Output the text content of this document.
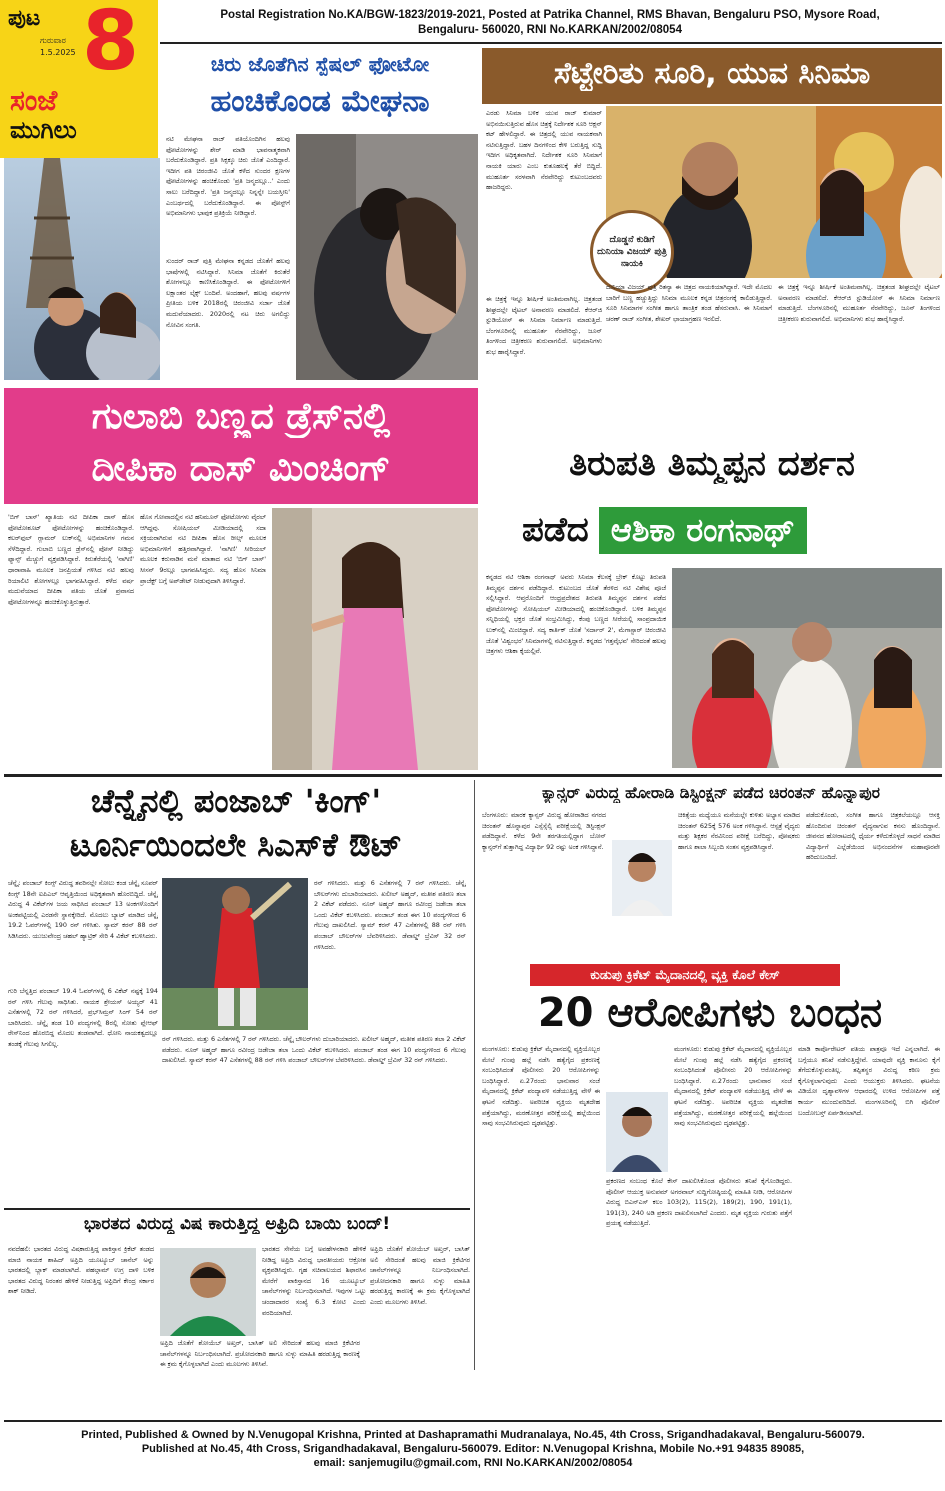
ಪುಟ 8
ಗುರುವಾರ
1.5.2025
ಸಂಜೆ
ಮುಗಿಲು
Postal Registration No.KA/BGW-1823/2019-2021, Posted at Patrika Channel, RMS Bhavan, Bengaluru PSO, Mysore Road,
Bengaluru- 560020, RNI No.KARKAN/2002/08054
ಚಿರು ಜೊತೆಗಿನ ಸ್ಪೆಷಲ್ ಫೋಟೋ
ಹಂಚಿಕೊಂಡ ಮೇಘನಾ
ನಟಿ ಮೇಘನಾ ರಾಜ್ ಪತಿಯೊಂದಿಗಿನ ಹಲವು ಫೋಟೋಗಳನ್ನು ಶೇರ್ ಮಾಡಿ ಭಾವನಾತ್ಮಕವಾಗಿ ಬರೆದುಕೊಂಡಿದ್ದಾರೆ. ಪ್ರತಿ ಸಿಕ್ಸಕ್ಕೂ ಚಿರು ಜೊತೆ ಎಂದಿದ್ದಾರೆ. ಇದೀಗ ಪತಿ ಚಿರಂಜೀವಿ ಜೊತೆ ಕಳೆದ ಸುಂದರ ಕ್ಷಣಗಳ ಫೋಟೋಗಳನ್ನು ಹಂಚಿಕೊಂಡು 'ಪ್ರತಿ ಜನ್ಮದಲ್ಲೂ..' ಎಂದು ಸಾಲು ಬರೆದಿದ್ದಾರೆ. 'ಪ್ರತಿ ಜನ್ಮದಲ್ಲೂ ನಿನ್ನನ್ನೇ ಬಯಸ್ತೀನಿ' ಎಂಬರ್ಥದಲ್ಲಿ ಬರೆದುಕೊಂಡಿದ್ದಾರೆ. ಈ ಪೋಸ್ಟ್‌ಗೆ ಅಭಿಮಾನಿಗಳು ಭಾವುಕ ಪ್ರತಿಕ್ರಿಯೆ ನೀಡಿದ್ದಾರೆ.
ಸುಂದರ್ ರಾಜ್ ಪುತ್ರಿ ಮೇಘನಾ ಕನ್ನಡದ ಜೊತೆಗೆ ಹಲವು ಭಾಷೆಗಳಲ್ಲಿ ನಟಿಸಿದ್ದಾರೆ. ಸಿನಿಮಾ ಜೊತೆಗೆ ಕಿರುತೆರೆ ಶೋಗಳಲ್ಲೂ ಕಾಣಿಸಿಕೊಂಡಿದ್ದಾರೆ. ಈ ಫೋಟೋಗಳಿಗೆ ಲಕ್ಷಾಂತರ ಲೈಕ್ಸ್ ಬಂದಿವೆ. ಅಂದಹಾಗೆ, ಹಲವು ವರ್ಷಗಳ ಪ್ರೀತಿಯ ಬಳಿಕ 2018ರಲ್ಲಿ ಚಿರಂಜೀವಿ ಸರ್ಜಾ ಜೊತೆ ಮದುವೆಯಾದರು. 2020ರಲ್ಲಿ ನಟ ಚಿರು ಅಗಲಿದ್ದು ನೋವಿನ ಸಂಗತಿ.
ಸೆಟ್ಟೇರಿತು ಸೂರಿ, ಯುವ ಸಿನಿಮಾ
ಎರಡು ಸಿನಿಮಾ ಬಳಿಕ ಯುವ ರಾಜ್ ಕುಮಾರ್ ಅಭಿನಯಿಸುತ್ತಿರುವ ಹೊಸ ಚಿತ್ರಕ್ಕೆ ನಿರ್ದೇಶಕ ಸೂರಿ ಆಕ್ಷನ್ ಕಟ್ ಹೇಳಲಿದ್ದಾರೆ. ಈ ಚಿತ್ರದಲ್ಲಿ ಯುವ ನಾಯಕನಾಗಿ ನಟಿಸುತ್ತಿದ್ದಾರೆ. ಬಹಳ ದಿನಗಳಿಂದ ಕೇಳಿ ಬರುತ್ತಿದ್ದ ಸುದ್ದಿ ಇದೀಗ ಅಧಿಕೃತವಾಗಿದೆ. ನಿರ್ದೇಶಕ ಸೂರಿ ಸಿನಿಮಾಗೆ ನಾಯಕಿ ಯಾರು ಎಂಬ ಕುತೂಹಲಕ್ಕೆ ತೆರೆ ಬಿದ್ದಿದೆ. ಮುಹೂರ್ತ ಸರಳವಾಗಿ ನೆರವೇರಿದ್ದು ಕುಟುಂಬದವರು ಹಾಜರಿದ್ದರು.
ದೊಡ್ಡನೆ ಕುಡಿಗೆ ದುನಿಯಾ ವಿಜಯ್ ಪುತ್ರಿ ನಾಯಕಿ
ದುನಿಯಾ ವಿಜಯ್ ಪುತ್ರಿ ರಿತನ್ಯಾ ಈ ಚಿತ್ರದ ನಾಯಕಿಯಾಗಿದ್ದಾರೆ. ಇದೇ ಮೊದಲ ಬಾರಿಗೆ ಬಣ್ಣ ಹಚ್ಚುತ್ತಿದ್ದು ಸಿನಿಮಾ ಮೂಲಕ ಕನ್ನಡ ಚಿತ್ರರಂಗಕ್ಕೆ ಕಾಲಿಡುತ್ತಿದ್ದಾರೆ. ಸೂರಿ ಸಿನಿಮಾಗಳ ಸಂಗೀತ ಹಾಗೂ ತಾಂತ್ರಿಕ ತಂಡ ಹೆಸರುವಾಸಿ. ಈ ಸಿನಿಮಾಗೆ ಚರಣ್ ರಾಜ್ ಸಂಗೀತ, ಶೇಖರ್ ಛಾಯಾಗ್ರಹಣ ಇರಲಿದೆ.
ಈ ಚಿತ್ರಕ್ಕೆ ಇನ್ನೂ ಶೀರ್ಷಿಕೆ ಅಂತಿಮವಾಗಿಲ್ಲ. ಚಿತ್ರತಂಡ ಶೀಘ್ರದಲ್ಲೇ ಟೈಟಲ್ ಅನಾವರಣ ಮಾಡಲಿದೆ. ಕೆಆರ್‌ಜಿ ಸ್ಟುಡಿಯೋಸ್ ಈ ಸಿನಿಮಾ ನಿರ್ಮಾಣ ಮಾಡುತ್ತಿದೆ. ಬೆಂಗಳೂರಿನಲ್ಲಿ ಮುಹೂರ್ತ ನೆರವೇರಿದ್ದು, ಜೂನ್ ತಿಂಗಳಿಂದ ಚಿತ್ರೀಕರಣ ಶುರುವಾಗಲಿದೆ. ಅಭಿಮಾನಿಗಳು ಶುಭ ಹಾರೈಸಿದ್ದಾರೆ.
ಈ ಚಿತ್ರಕ್ಕೆ ಇನ್ನೂ ಶೀರ್ಷಿಕೆ ಅಂತಿಮವಾಗಿಲ್ಲ. ಚಿತ್ರತಂಡ ಶೀಘ್ರದಲ್ಲೇ ಟೈಟಲ್ ಅನಾವರಣ ಮಾಡಲಿದೆ. ಕೆಆರ್‌ಜಿ ಸ್ಟುಡಿಯೋಸ್ ಈ ಸಿನಿಮಾ ನಿರ್ಮಾಣ ಮಾಡುತ್ತಿದೆ. ಬೆಂಗಳೂರಿನಲ್ಲಿ ಮುಹೂರ್ತ ನೆರವೇರಿದ್ದು, ಜೂನ್ ತಿಂಗಳಿಂದ ಚಿತ್ರೀಕರಣ ಶುರುವಾಗಲಿದೆ. ಅಭಿಮಾನಿಗಳು ಶುಭ ಹಾರೈಸಿದ್ದಾರೆ.
ಗುಲಾಬಿ ಬಣ್ಣದ ಡ್ರೆಸ್‌ನಲ್ಲಿ
ದೀಪಿಕಾ ದಾಸ್ ಮಿಂಚಿಂಗ್
'ಬಿಗ್ ಬಾಸ್' ಖ್ಯಾತಿಯ ನಟಿ ದೀಪಿಕಾ ದಾಸ್ ಹೊಸ ಫೋಟೋಶೂಟ್ ಫೋಟೋಗಳನ್ನು ಹಂಚಿಕೊಂಡಿದ್ದಾರೆ. ಕಲರ್‌ಫುಲ್ ಗ್ಲಾಮರ್ ಲುಕ್‌ನಲ್ಲಿ ಅಭಿಮಾನಿಗಳ ಗಮನ ಸೆಳೆದಿದ್ದಾರೆ. ಗುಲಾಬಿ ಬಣ್ಣದ ಡ್ರೆಸ್‌ನಲ್ಲಿ ಪೋಸ್ ನೀಡಿದ್ದು ಫ್ಯಾನ್ಸ್ ಮೆಚ್ಚುಗೆ ವ್ಯಕ್ತಪಡಿಸಿದ್ದಾರೆ. ಕಿರುತೆರೆಯಲ್ಲಿ 'ನಾಗಿಣಿ' ಧಾರಾವಾಹಿ ಮೂಲಕ ಜನಪ್ರಿಯತೆ ಗಳಿಸಿದ ನಟಿ ಹಲವು ರಿಯಾಲಿಟಿ ಶೋಗಳಲ್ಲೂ ಭಾಗವಹಿಸಿದ್ದಾರೆ. ಕಳೆದ ವರ್ಷ ಮದುವೆಯಾದ ದೀಪಿಕಾ ಪತಿಯ ಜೊತೆ ಪ್ರವಾಸದ ಫೋಟೋಗಳನ್ನೂ ಹಂಚಿಕೊಳ್ಳುತ್ತಿರುತ್ತಾರೆ.
ಹೊಸ ಗೋವಾದಲ್ಲಿನ ನಟಿ ಹನಿಮೂನ್ ಫೋಟೋಗಳು ವೈರಲ್ ಆಗಿದ್ದವು. ಸೋಷಿಯಲ್ ಮೀಡಿಯಾದಲ್ಲಿ ಸದಾ ಸಕ್ರಿಯರಾಗಿರುವ ನಟಿ ದೀಪಿಕಾ ಹೊಸ ರೀಲ್ಸ್ ಮೂಲಕ ಅಭಿಮಾನಿಗಳಿಗೆ ಹತ್ತಿರವಾಗಿದ್ದಾರೆ. 'ನಾಗಿಣಿ' ಸೀರಿಯಲ್ ಮೂಲಕ ಕರುನಾಡಿನ ಮನೆ ಮಾತಾದ ನಟಿ 'ಬಿಗ್ ಬಾಸ್' ಸೀಸನ್ 9ರಲ್ಲೂ ಭಾಗವಹಿಸಿದ್ದರು. ಸದ್ಯ ಹೊಸ ಸಿನಿಮಾ ಪ್ರಾಜೆಕ್ಟ್ ಬಗ್ಗೆ ಅಪ್‌ಡೇಟ್ ನೀಡುವುದಾಗಿ ತಿಳಿಸಿದ್ದಾರೆ.
ತಿರುಪತಿ ತಿಮ್ಮಪ್ಪನ ದರ್ಶನ
ಪಡೆದ ಆಶಿಕಾ ರಂಗನಾಥ್
ಕನ್ನಡದ ನಟಿ ಆಶಿಕಾ ರಂಗನಾಥ್ ಅವರು ಸಿನಿಮಾ ಕೆಲಸಕ್ಕೆ ಬ್ರೇಕ್ ಕೊಟ್ಟು ತಿರುಪತಿ ತಿಮ್ಮಪ್ಪನ ದರ್ಶನ ಪಡೆದಿದ್ದಾರೆ. ಕುಟುಂಬದ ಜೊತೆ ತೆರಳಿದ ನಟಿ ವಿಶೇಷ ಪೂಜೆ ಸಲ್ಲಿಸಿದ್ದಾರೆ. ಆಪ್ತರೊಂದಿಗೆ ಆಂಧ್ರಪ್ರದೇಶದ ತಿರುಪತಿ ತಿಮ್ಮಪ್ಪನ ದರ್ಶನ ಪಡೆದ ಫೋಟೋಗಳನ್ನು ಸೋಷಿಯಲ್ ಮೀಡಿಯಾದಲ್ಲಿ ಹಂಚಿಕೊಂಡಿದ್ದಾರೆ. ಬಳಿಕ ತಿಮ್ಮಪ್ಪನ ಸನ್ನಿಧಿಯಲ್ಲಿ ಭಕ್ತರ ಜೊತೆ ಸಂಭ್ರಮಿಸಿದ್ದು, ಕೆಂಪು ಬಣ್ಣದ ಸೀರೆಯಲ್ಲಿ ಸಾಂಪ್ರದಾಯಿಕ ಲುಕ್‌ನಲ್ಲಿ ಮಿಂಚಿದ್ದಾರೆ. ಸದ್ಯ ಕಾರ್ತಿಕ್ ಜೊತೆ 'ಸರ್ದಾರ್ 2', ಮೆಗಾಸ್ಟಾರ್ ಚಿರಂಜೀವಿ ಜೊತೆ 'ವಿಶ್ವಂಭರ' ಸಿನಿಮಾಗಳಲ್ಲಿ ನಟಿಸುತ್ತಿದ್ದಾರೆ. ಕನ್ನಡದ 'ಗತ್ತವೈಭವ' ಸೇರಿದಂತೆ ಹಲವು ಚಿತ್ರಗಳು ಆಶಿಕಾ ಕೈಯಲ್ಲಿವೆ.
ಚೆನ್ನೈನಲ್ಲಿ ಪಂಜಾಬ್ 'ಕಿಂಗ್'
ಟೂರ್ನಿಯಿಂದಲೇ ಸಿಎಸ್‌ಕೆ ಔಟ್
ಚೆನ್ನೈ: ಪಂಜಾಬ್ ಕಿಂಗ್ಸ್ ವಿರುದ್ಧ ತವರಿನಲ್ಲೇ ಸೋಲು ಕಂಡ ಚೆನ್ನೈ ಸೂಪರ್ ಕಿಂಗ್ಸ್ 18ನೇ ಐಪಿಎಲ್ ಆವೃತ್ತಿಯಿಂದ ಅಧಿಕೃತವಾಗಿ ಹೊರಬಿದ್ದಿದೆ. ಚೆನ್ನೈ ವಿರುದ್ಧ 4 ವಿಕೆಟ್‌ಗಳ ಜಯ ಸಾಧಿಸಿದ ಪಂಜಾಬ್ 13 ಅಂಕಗಳೊಂದಿಗೆ ಅಂಕಪಟ್ಟಿಯಲ್ಲಿ ಎರಡನೇ ಸ್ಥಾನಕ್ಕೇರಿದೆ. ಮೊದಲು ಬ್ಯಾಟ್ ಮಾಡಿದ ಚೆನ್ನೈ 19.2 ಓವರ್‌ಗಳಲ್ಲಿ 190 ರನ್ ಗಳಿಸಿತು. ಸ್ಯಾಮ್ ಕರನ್ 88 ರನ್ ಸಿಡಿಸಿದರು. ಯುಜುವೇಂದ್ರ ಚಹಲ್ ಹ್ಯಾಟ್ರಿಕ್ ಸೇರಿ 4 ವಿಕೆಟ್ ಕಬಳಿಸಿದರು.
ರನ್ ಗಳಿಸಿದರು. ಮತ್ತು 6 ಎಸೆತಗಳಲ್ಲಿ 7 ರನ್ ಗಳಿಸಿದರು. ಚೆನ್ನೈ ಬೌಲರ್‌ಗಳು ದುಬಾರಿಯಾದರು. ಖಲೀಲ್ ಅಹ್ಮದ್, ಮತೀಶ ಪತಿರಣ ತಲಾ 2 ವಿಕೆಟ್ ಪಡೆದರು. ನೂರ್ ಅಹ್ಮದ್ ಹಾಗೂ ರವೀಂದ್ರ ಜಡೇಜಾ ತಲಾ ಒಂದು ವಿಕೆಟ್ ಕಬಳಿಸಿದರು. ಪಂಜಾಬ್ ತಂಡ ಈಗ 10 ಪಂದ್ಯಗಳಿಂದ 6 ಗೆಲುವು ದಾಖಲಿಸಿದೆ. ಸ್ಯಾಮ್ ಕರನ್ 47 ಎಸೆತಗಳಲ್ಲಿ 88 ರನ್ ಗಳಿಸಿ ಪಂಜಾಬ್ ಬೌಲರ್‌ಗಳ ಬೆವರಿಳಿಸಿದರು. ಡೆವಾಲ್ಡ್ ಬ್ರೆವಿಸ್ 32 ರನ್ ಗಳಿಸಿದರು.
ಗುರಿ ಬೆನ್ನತ್ತಿದ ಪಂಜಾಬ್ 19.4 ಓವರ್‌ಗಳಲ್ಲಿ 6 ವಿಕೆಟ್ ನಷ್ಟಕ್ಕೆ 194 ರನ್ ಗಳಿಸಿ ಗೆಲುವು ಸಾಧಿಸಿತು. ನಾಯಕ ಶ್ರೇಯಸ್ ಅಯ್ಯರ್ 41 ಎಸೆತಗಳಲ್ಲಿ 72 ರನ್ ಗಳಿಸಿದರೆ, ಪ್ರಭ್‌ಸಿಮ್ರನ್ ಸಿಂಗ್ 54 ರನ್ ಬಾರಿಸಿದರು. ಚೆನ್ನೈ ತಂಡ 10 ಪಂದ್ಯಗಳಲ್ಲಿ 8ರಲ್ಲಿ ಸೋತು ಪ್ಲೇಆಫ್ ರೇಸ್‌ನಿಂದ ಹೊರಬಿದ್ದ ಮೊದಲ ತಂಡವಾಗಿದೆ. ಧೋನಿ ನಾಯಕತ್ವದಲ್ಲೂ ತಂಡಕ್ಕೆ ಗೆಲುವು ಸಿಗಲಿಲ್ಲ.
ರನ್ ಗಳಿಸಿದರು. ಮತ್ತು 6 ಎಸೆತಗಳಲ್ಲಿ 7 ರನ್ ಗಳಿಸಿದರು. ಚೆನ್ನೈ ಬೌಲರ್‌ಗಳು ದುಬಾರಿಯಾದರು. ಖಲೀಲ್ ಅಹ್ಮದ್, ಮತೀಶ ಪತಿರಣ ತಲಾ 2 ವಿಕೆಟ್ ಪಡೆದರು. ನೂರ್ ಅಹ್ಮದ್ ಹಾಗೂ ರವೀಂದ್ರ ಜಡೇಜಾ ತಲಾ ಒಂದು ವಿಕೆಟ್ ಕಬಳಿಸಿದರು. ಪಂಜಾಬ್ ತಂಡ ಈಗ 10 ಪಂದ್ಯಗಳಿಂದ 6 ಗೆಲುವು ದಾಖಲಿಸಿದೆ. ಸ್ಯಾಮ್ ಕರನ್ 47 ಎಸೆತಗಳಲ್ಲಿ 88 ರನ್ ಗಳಿಸಿ ಪಂಜಾಬ್ ಬೌಲರ್‌ಗಳ ಬೆವರಿಳಿಸಿದರು. ಡೆವಾಲ್ಡ್ ಬ್ರೆವಿಸ್ 32 ರನ್ ಗಳಿಸಿದರು.
ಕ್ಯಾನ್ಸರ್ ವಿರುದ್ಧ ಹೋರಾಡಿ ಡಿಸ್ಟಿಂಕ್ಷನ್ ಪಡೆದ ಚಿರಂತನ್ ಹೊನ್ನಾಪುರ
ಬೆಂಗಳೂರು: ಮಾರಕ ಕ್ಯಾನ್ಸರ್ ವಿರುದ್ಧ ಹೋರಾಡಿದ ನಗರದ ಚಿರಂತನ್ ಹೊನ್ನಾಪುರ ಎಸ್ಸೆಸ್ಸೆಲ್ಸಿ ಪರೀಕ್ಷೆಯಲ್ಲಿ ಡಿಸ್ಟಿಂಕ್ಷನ್ ಪಡೆದಿದ್ದಾನೆ. ಕಳೆದ 9ನೇ ತರಗತಿಯಲ್ಲಿದ್ದಾಗ ಬೋನ್ ಕ್ಯಾನ್ಸರ್‌ಗೆ ತುತ್ತಾಗಿದ್ದ ವಿದ್ಯಾರ್ಥಿ 92 ರಷ್ಟು ಅಂಕ ಗಳಿಸಿದ್ದಾನೆ.
ಚಿಕಿತ್ಸೆಯ ಮಧ್ಯೆಯೂ ಮನೆಯಲ್ಲೇ ಕುಳಿತು ಅಭ್ಯಾಸ ಮಾಡಿದ ಚಿರಂತನ್ 625ಕ್ಕೆ 576 ಅಂಕ ಗಳಿಸಿದ್ದಾನೆ. ಆಸ್ಪತ್ರೆ ವೈದ್ಯರು ಮತ್ತು ಶಿಕ್ಷಕರ ನೆರವಿನಿಂದ ಪರೀಕ್ಷೆ ಬರೆದಿದ್ದು, ಪೋಷಕರು ಹಾಗೂ ಶಾಲಾ ಸಿಬ್ಬಂದಿ ಸಂತಸ ವ್ಯಕ್ತಪಡಿಸಿದ್ದಾರೆ.
ಪಡೆದುಕೊಂಡು, ಸಂಗೀತ ಹಾಗೂ ಚಿತ್ರಕಲೆಯಲ್ಲೂ ಆಸಕ್ತಿ ಹೊಂದಿರುವ ಚಿರಂತನ್ ವೈದ್ಯನಾಗುವ ಕನಸು ಹೊಂದಿದ್ದಾನೆ. ಜೀವನದ ಹೋರಾಟದಲ್ಲಿ ಧೈರ್ಯ ಕಳೆದುಕೊಳ್ಳದೆ ಸಾಧನೆ ಮಾಡಿದ ವಿದ್ಯಾರ್ಥಿಗೆ ಎಲ್ಲೆಡೆಯಿಂದ ಅಭಿನಂದನೆಗಳ ಮಹಾಪೂರವೇ ಹರಿದುಬಂದಿದೆ.
ಕುಡುಪು ಕ್ರಿಕೆಟ್ ಮೈದಾನದಲ್ಲಿ ವ್ಯಕ್ತಿ ಕೊಲೆ ಕೇಸ್
20 ಆರೋಪಿಗಳು ಬಂಧನ
ಮಂಗಳೂರು: ಕುಡುಪು ಕ್ರಿಕೆಟ್ ಮೈದಾನದಲ್ಲಿ ವ್ಯಕ್ತಿಯೊಬ್ಬರ ಮೇಲೆ ಗುಂಪು ಹಲ್ಲೆ ನಡೆಸಿ ಹತ್ಯೆಗೈದ ಪ್ರಕರಣಕ್ಕೆ ಸಂಬಂಧಿಸಿದಂತೆ ಪೊಲೀಸರು 20 ಆರೋಪಿಗಳನ್ನು ಬಂಧಿಸಿದ್ದಾರೆ. ಏ.27ರಂದು ಭಾನುವಾರ ಸಂಜೆ ಮೈದಾನದಲ್ಲಿ ಕ್ರಿಕೆಟ್ ಪಂದ್ಯಾವಳಿ ನಡೆಯುತ್ತಿದ್ದ ವೇಳೆ ಈ ಘಟನೆ ನಡೆದಿತ್ತು. ಅಪರಿಚಿತ ವ್ಯಕ್ತಿಯ ಮೃತದೇಹ ಪತ್ತೆಯಾಗಿದ್ದು, ಮರಣೋತ್ತರ ಪರೀಕ್ಷೆಯಲ್ಲಿ ಹಲ್ಲೆಯಿಂದ ಸಾವು ಸಂಭವಿಸಿರುವುದು ದೃಢಪಟ್ಟಿತ್ತು.
ಪ್ರಕರಣದ ಸಂಬಂಧ ಕೊಲೆ ಕೇಸ್ ದಾಖಲಿಸಿಕೊಂಡ ಪೊಲೀಸರು ತನಿಖೆ ಕೈಗೊಂಡಿದ್ದರು. ಪೊಲೀಸ್ ಆಯುಕ್ತ ಅನುಪಮ್ ಅಗರವಾಲ್ ಸುದ್ದಿಗೋಷ್ಠಿಯಲ್ಲಿ ಮಾಹಿತಿ ನೀಡಿ, ಆರೋಪಿಗಳ ವಿರುದ್ಧ ಬಿಎನ್‌ಎಸ್ ಕಲಂ 103(2), 115(2), 189(2), 190, 191(1), 191(3), 240 ಅಡಿ ಪ್ರಕರಣ ದಾಖಲಿಸಲಾಗಿದೆ ಎಂದರು. ಮೃತ ವ್ಯಕ್ತಿಯ ಗುರುತು ಪತ್ತೆಗೆ ಪ್ರಯತ್ನ ನಡೆಯುತ್ತಿದೆ.
ಮಂಗಳೂರು: ಕುಡುಪು ಕ್ರಿಕೆಟ್ ಮೈದಾನದಲ್ಲಿ ವ್ಯಕ್ತಿಯೊಬ್ಬರ ಮೇಲೆ ಗುಂಪು ಹಲ್ಲೆ ನಡೆಸಿ ಹತ್ಯೆಗೈದ ಪ್ರಕರಣಕ್ಕೆ ಸಂಬಂಧಿಸಿದಂತೆ ಪೊಲೀಸರು 20 ಆರೋಪಿಗಳನ್ನು ಬಂಧಿಸಿದ್ದಾರೆ. ಏ.27ರಂದು ಭಾನುವಾರ ಸಂಜೆ ಮೈದಾನದಲ್ಲಿ ಕ್ರಿಕೆಟ್ ಪಂದ್ಯಾವಳಿ ನಡೆಯುತ್ತಿದ್ದ ವೇಳೆ ಈ ಘಟನೆ ನಡೆದಿತ್ತು. ಅಪರಿಚಿತ ವ್ಯಕ್ತಿಯ ಮೃತದೇಹ ಪತ್ತೆಯಾಗಿದ್ದು, ಮರಣೋತ್ತರ ಪರೀಕ್ಷೆಯಲ್ಲಿ ಹಲ್ಲೆಯಿಂದ ಸಾವು ಸಂಭವಿಸಿರುವುದು ದೃಢಪಟ್ಟಿತ್ತು.
ಮಾಡಿ ಕಾರ್ಪೊರೇಟರ್ ಪತಿಯ ಪಾತ್ರವೂ ಇದೆ ಎನ್ನಲಾಗಿದೆ. ಈ ಬಗ್ಗೆಯೂ ತನಿಖೆ ನಡೆಸುತ್ತಿದ್ದೇವೆ. ಯಾವುದೇ ವ್ಯಕ್ತಿ ಕಾನೂನು ಕೈಗೆ ತೆಗೆದುಕೊಳ್ಳುವಂತಿಲ್ಲ. ತಪ್ಪಿತಸ್ಥರ ವಿರುದ್ಧ ಕಠಿಣ ಕ್ರಮ ಕೈಗೊಳ್ಳಲಾಗುವುದು ಎಂದು ಆಯುಕ್ತರು ತಿಳಿಸಿದರು. ಘಟನೆಯ ವಿಡಿಯೋ ದೃಶ್ಯಾವಳಿಗಳ ಆಧಾರದಲ್ಲಿ ಉಳಿದ ಆರೋಪಿಗಳ ಪತ್ತೆ ಕಾರ್ಯ ಮುಂದುವರಿದಿದೆ. ಮಂಗಳೂರಿನಲ್ಲಿ ಬಿಗಿ ಪೊಲೀಸ್ ಬಂದೋಬಸ್ತ್ ಏರ್ಪಡಿಸಲಾಗಿದೆ.
ಭಾರತದ ವಿರುದ್ಧ ವಿಷ ಕಾರುತ್ತಿದ್ದ ಅಫ್ರಿದಿ ಬಾಯಿ ಬಂದ್!
ನವದೆಹಲಿ: ಭಾರತದ ವಿರುದ್ಧ ವಿಷಕಾರುತ್ತಿದ್ದ ಪಾಕಿಸ್ತಾನ ಕ್ರಿಕೆಟ್ ತಂಡದ ಮಾಜಿ ನಾಯಕ ಶಾಹಿದ್ ಅಫ್ರಿದಿ ಯೂಟ್ಯೂಬ್ ಚಾನೆಲ್ ಅನ್ನು ಭಾರತದಲ್ಲಿ ಬ್ಲಾಕ್ ಮಾಡಲಾಗಿದೆ. ಪಹಲ್ಗಾಮ್ ಉಗ್ರ ದಾಳಿ ಬಳಿಕ ಭಾರತದ ವಿರುದ್ಧ ನಿರಂತರ ಹೇಳಿಕೆ ನೀಡುತ್ತಿದ್ದ ಅಫ್ರಿದಿಗೆ ಕೇಂದ್ರ ಸರ್ಕಾರ ಶಾಕ್ ನೀಡಿದೆ.
ಭಾರತದ ಸೇನೆಯ ಬಗ್ಗೆ ಅವಹೇಳನಕಾರಿ ಹೇಳಿಕೆ ನೀಡಿದ್ದ ಅಫ್ರಿದಿ ವಿರುದ್ಧ ಭಾರತೀಯರು ಆಕ್ರೋಶ ವ್ಯಕ್ತಪಡಿಸಿದ್ದರು. ಗೃಹ ಸಚಿವಾಲಯದ ಶಿಫಾರಸಿನ ಮೇರೆಗೆ ಪಾಕಿಸ್ತಾನದ 16 ಯೂಟ್ಯೂಬ್ ಚಾನೆಲ್‌ಗಳನ್ನು ನಿರ್ಬಂಧಿಸಲಾಗಿದೆ. ಇವುಗಳ ಒಟ್ಟು ಚಂದಾದಾರರ ಸಂಖ್ಯೆ 6.3 ಕೋಟಿ ಎಂದು ವರದಿಯಾಗಿದೆ.
ಅಫ್ರಿದಿ ಜೊತೆಗೆ ಶೋಯೆಬ್ ಅಖ್ತರ್, ಬಾಸಿತ್ ಅಲಿ ಸೇರಿದಂತೆ ಹಲವು ಮಾಜಿ ಕ್ರಿಕೆಟಿಗರ ಚಾನೆಲ್‌ಗಳನ್ನೂ ನಿರ್ಬಂಧಿಸಲಾಗಿದೆ. ಪ್ರಚೋದನಕಾರಿ ಹಾಗೂ ಸುಳ್ಳು ಮಾಹಿತಿ ಹರಡುತ್ತಿದ್ದ ಕಾರಣಕ್ಕೆ ಈ ಕ್ರಮ ಕೈಗೊಳ್ಳಲಾಗಿದೆ ಎಂದು ಮೂಲಗಳು ತಿಳಿಸಿವೆ.
ಅಫ್ರಿದಿ ಜೊತೆಗೆ ಶೋಯೆಬ್ ಅಖ್ತರ್, ಬಾಸಿತ್ ಅಲಿ ಸೇರಿದಂತೆ ಹಲವು ಮಾಜಿ ಕ್ರಿಕೆಟಿಗರ ಚಾನೆಲ್‌ಗಳನ್ನೂ ನಿರ್ಬಂಧಿಸಲಾಗಿದೆ. ಪ್ರಚೋದನಕಾರಿ ಹಾಗೂ ಸುಳ್ಳು ಮಾಹಿತಿ ಹರಡುತ್ತಿದ್ದ ಕಾರಣಕ್ಕೆ ಈ ಕ್ರಮ ಕೈಗೊಳ್ಳಲಾಗಿದೆ ಎಂದು ಮೂಲಗಳು ತಿಳಿಸಿವೆ.
Printed, Published & Owned by N.Venugopal Krishna, Printed at Dashapramathi Mudranalaya, No.45, 4th Cross, Srigandhadakaval, Bengaluru-560079.
Published at No.45, 4th Cross, Srigandhadakaval, Bengaluru-560079. Editor: N.Venugopal Krishna, Mobile No.+91 94835 89085,
email: sanjemugilu@gmail.com, RNI No.KARKAN/2002/08054
